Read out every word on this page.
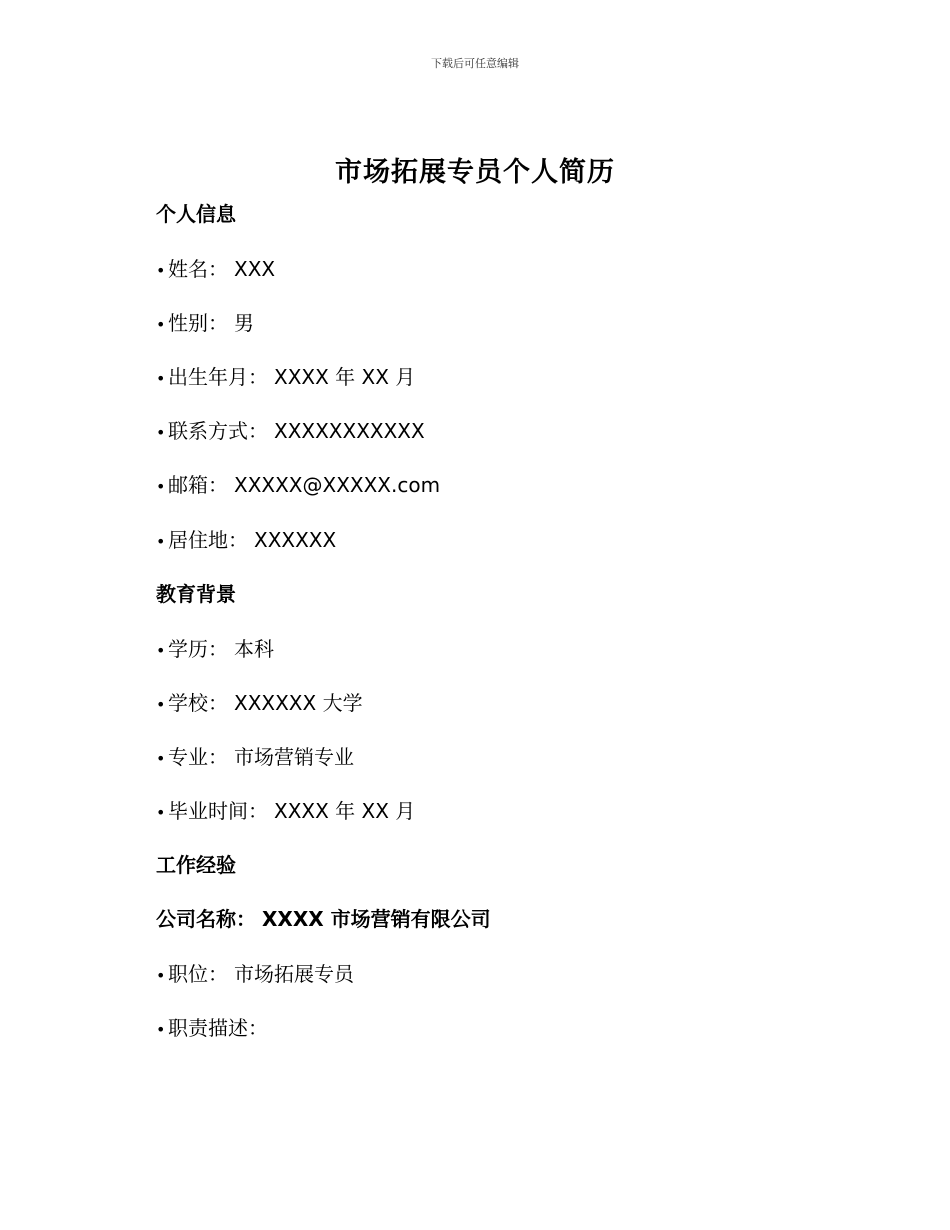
下载后可任意编辑
市场拓展专员个人简历
个人信息
• 姓名： XXX
• 性别： 男
• 出生年月： XXXX 年 XX 月
• 联系方式： XXXXXXXXXXX
• 邮箱： XXXXX@XXXXX.com
• 居住地： XXXXXX
教育背景
• 学历： 本科
• 学校： XXXXXX 大学
• 专业： 市场营销专业
• 毕业时间： XXXX 年 XX 月
工作经验
公司名称： XXXX 市场营销有限公司
• 职位： 市场拓展专员
• 职责描述：
